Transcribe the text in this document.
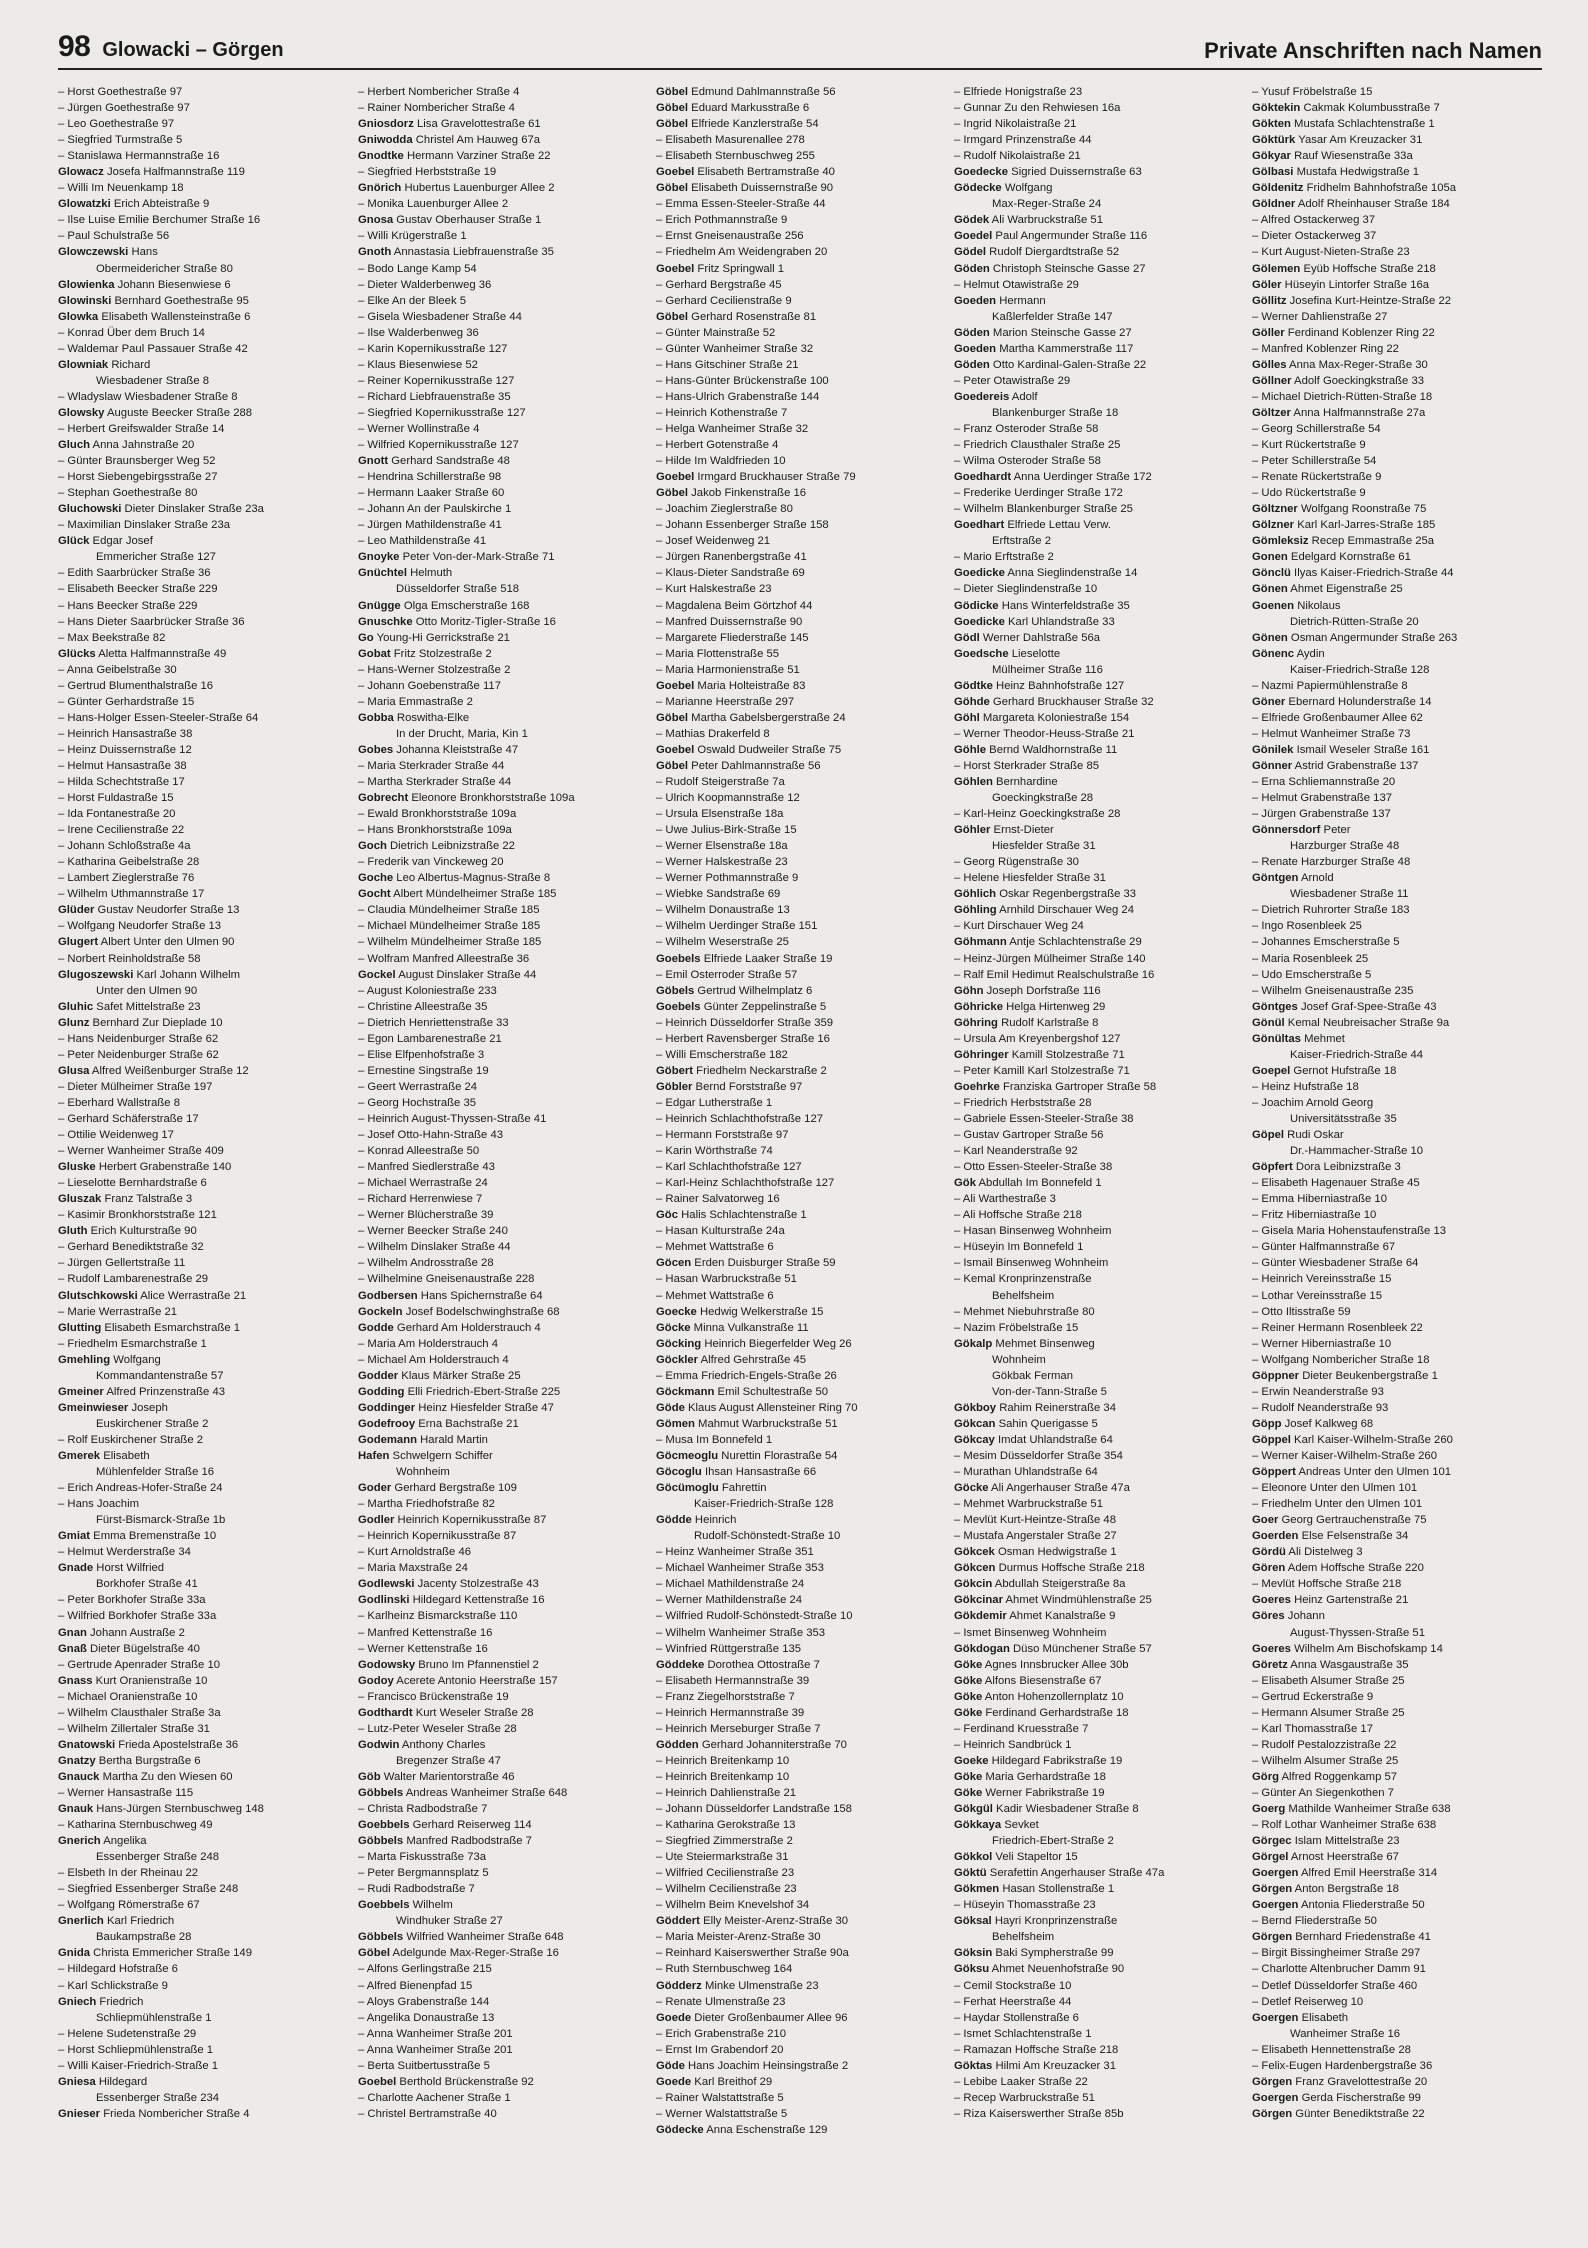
98 Glowacki – Görgen	Private Anschriften nach Namen
– Horst Goethestraße 97
– Jürgen Goethestraße 97
– Leo Goethestraße 97
– Siegfried Turmstraße 5
– Stanislawa Hermannstraße 16
Glowacz Josefa Halfmannstraße 119
– Willi Im Neuenkamp 18
Glowatzki Erich Abteistraße 9
– Ilse Luise Emilie Berchumer Straße 16
– Paul Schulstraße 56
Glowczewski Hans
Obermeidericher Straße 80
Glowienka Johann Biesenwiese 6
Glowinski Bernhard Goethestraße 95
Glowka Elisabeth Wallensteinstraße 6
– Konrad Über dem Bruch 14
– Waldemar Paul Passauer Straße 42
Glowniak Richard
Wiesbadener Straße 8
– Wladyslaw Wiesbadener Straße 8
Glowsky Auguste Beecker Straße 288
– Herbert Greifswalder Straße 14
Gluch Anna Jahnstraße 20
– Günter Braunsberger Weg 52
– Horst Siebengebirgsstraße 27
– Stephan Goethestraße 80
Gluchowski Dieter Dinslaker Straße 23a
– Maximilian Dinslaker Straße 23a
Glück Edgar Josef
Emmericher Straße 127
– Edith Saarbrücker Straße 36
– Elisabeth Beecker Straße 229
– Hans Beecker Straße 229
– Hans Dieter Saarbrücker Straße 36
– Max Beekstraße 82
Glücks Aletta Halfmannstraße 49
– Anna Geibelstraße 30
– Gertrud Blumenthalstraße 16
– Günter Gerhardstraße 15
– Hans-Holger Essen-Steeler-Straße 64
– Heinrich Hansastraße 38
– Heinz Duissernstraße 12
– Helmut Hansastraße 38
– Hilda Schechtstraße 17
– Horst Fuldastraße 15
– Ida Fontanestraße 20
– Irene Cecilienstraße 22
– Johann Schloßstraße 4a
– Katharina Geibelstraße 28
– Lambert Zieglerstraße 76
– Wilhelm Uthmannstraße 17
Glüder Gustav Neudorfer Straße 13
– Wolfgang Neudorfer Straße 13
Glugert Albert Unter den Ulmen 90
– Norbert Reinholdstraße 58
Glugoszewski Karl Johann Wilhelm
Unter den Ulmen 90
Gluhic Safet Mittelstraße 23
Glunz Bernhard Zur Dieplade 10
– Hans Neidenburger Straße 62
– Peter Neidenburger Straße 62
Glusa Alfred Weißenburger Straße 12
– Dieter Mülheimer Straße 197
– Eberhard Wallstraße 8
– Gerhard Schäferstraße 17
– Ottilie Weidenweg 17
– Werner Wanheimer Straße 409
Gluske Herbert Grabenstraße 140
– Lieselotte Bernhardstraße 6
Gluszak Franz Talstraße 3
– Kasimir Bronkhorststraße 121
Gluth Erich Kulturstraße 90
– Gerhard Benediktstraße 32
– Jürgen Gellertstraße 11
– Rudolf Lambarenestraße 29
Glutschkowski Alice Werrastraße 21
– Marie Werrastraße 21
Glutting Elisabeth Esmarchstraße 1
– Friedhelm Esmarchstraße 1
Gmehling Wolfgang
Kommandantenstraße 57
Gmeiner Alfred Prinzenstraße 43
Gmeinwieser Joseph
Euskirchener Straße 2
– Rolf Euskirchener Straße 2
Gmerek Elisabeth
Mühlenfelder Straße 16
– Erich Andreas-Hofer-Straße 24
– Hans Joachim
Fürst-Bismarck-Straße 1b
Gmiat Emma Bremenstraße 10
– Helmut Werderstraße 34
Gnade Horst Wilfried
Borkhofer Straße 41
– Peter Borkhofer Straße 33a
– Wilfried Borkhofer Straße 33a
Gnan Johann Austraße 2
Gnaß Dieter Bügelstraße 40
– Gertrude Apenrader Straße 10
Gnass Kurt Oranienstraße 10
– Michael Oranienstraße 10
– Wilhelm Clausthaler Straße 3a
– Wilhelm Zillertaler Straße 31
Gnatowski Frieda Apostelstraße 36
Gnatzy Bertha Burgstraße 6
Gnauck Martha Zu den Wiesen 60
– Werner Hansastraße 115
Gnauk Hans-Jürgen Sternbuschweg 148
– Katharina Sternbuschweg 49
Gnerich Angelika
Essenberger Straße 248
– Elsbeth In der Rheinau 22
– Siegfried Essenberger Straße 248
– Wolfgang Römerstraße 67
Gnerlich Karl Friedrich
Baukampstraße 28
Gnida Christa Emmericher Straße 149
– Hildegard Hofstraße 6
– Karl Schlickstraße 9
Gniech Friedrich
Schliepmühlenstraße 1
– Helene Sudetenstraße 29
– Horst Schliepmühlenstraße 1
– Willi Kaiser-Friedrich-Straße 1
Gniesa Hildegard
Essenberger Straße 234
Gnieser Frieda Nombericher Straße 4
– Herbert Nombericher Straße 4
– Rainer Nombericher Straße 4
Gniosdorz Lisa Gravelottestraße 61
Gniwodda Christel Am Hauweg 67a
Gnodtke Hermann Varziner Straße 22
– Siegfried Herbststraße 19
Gnörich Hubertus Lauenburger Allee 2
– Monika Lauenburger Allee 2
Gnosa Gustav Oberhauser Straße 1
– Willi Krügerstraße 1
Gnoth Annastasia Liebfrauenstraße 35
– Bodo Lange Kamp 54
– Dieter Walderbenweg 36
– Elke An der Bleek 5
– Gisela Wiesbadener Straße 44
– Ilse Walderbenweg 36
– Karin Kopernikusstraße 127
– Klaus Biesenwiese 52
– Reiner Kopernikusstraße 127
– Richard Liebfrauenstraße 35
– Siegfried Kopernikusstraße 127
– Werner Wollinstraße 4
– Wilfried Kopernikusstraße 127
Gnott Gerhard Sandstraße 48
– Hendrina Schillerstraße 98
– Hermann Laaker Straße 60
– Johann An der Paulskirche 1
– Jürgen Mathildenstraße 41
– Leo Mathildenstraße 41
Gnoyke Peter Von-der-Mark-Straße 71
Gnüchtel Helmuth
Düsseldorfer Straße 518
Gnügge Olga Emscherstraße 168
Gnuschke Otto Moritz-Tigler-Straße 16
Go Young-Hi Gerrickstraße 21
Gobat Fritz Stolzestraße 2
– Hans-Werner Stolzestraße 2
– Johann Goebenstraße 117
– Maria Emmastraße 2
Gobba Roswitha-Elke
In der Drucht, Maria, Kin 1
Gobes Johanna Kleiststraße 47
– Maria Sterkrader Straße 44
– Martha Sterkrader Straße 44
Gobrecht Eleonore Bronkhorststraße 109a
– Ewald Bronkhorststraße 109a
– Hans Bronkhorststraße 109a
Goch Dietrich Leibnizstraße 22
– Frederik van Vinckeweg 20
Goche Leo Albertus-Magnus-Straße 8
Gocht Albert Mündelheimer Straße 185
– Claudia Mündelheimer Straße 185
– Michael Mündelheimer Straße 185
– Wilhelm Mündelheimer Straße 185
– Wolfram Manfred Alleestraße 36
Gockel August Dinslaker Straße 44
– August Koloniestraße 233
– Christine Alleestraße 35
– Dietrich Henriettenstraße 33
– Egon Lambarenestraße 21
– Elise Elfpenhofstraße 3
– Ernestine Singstraße 19
– Geert Werrastraße 24
– Georg Hochstraße 35
– Heinrich August-Thyssen-Straße 41
– Josef Otto-Hahn-Straße 43
– Konrad Alleestraße 50
– Manfred Siedlerstraße 43
– Michael Werrastraße 24
– Richard Herrenwiese 7
– Werner Blücherstraße 39
– Werner Beecker Straße 240
– Wilhelm Dinslaker Straße 44
– Wilhelm Androsstraße 28
– Wilhelmine Gneisenaustraße 228
Godbersen Hans Spichernstraße 64
Gockeln Josef Bodelschwinghstraße 68
Godde Gerhard Am Holderstrauch 4
– Maria Am Holderstrauch 4
– Michael Am Holderstrauch 4
Godder Klaus Märker Straße 25
Godding Elli Friedrich-Ebert-Straße 225
Goddinger Heinz Hiesfelder Straße 47
Godefrooy Erna Bachstraße 21
Godemann Harald Martin
Hafen Schwelgern Schiffer
Wohnheim
Goder Gerhard Bergstraße 109
– Martha Friedhofstraße 82
Godler Heinrich Kopernikusstraße 87
– Heinrich Kopernikusstraße 87
– Kurt Arnoldstraße 46
– Maria Maxstraße 24
Godlewski Jacenty Stolzestraße 43
Godlinski Hildegard Kettenstraße 16
– Karlheinz Bismarckstraße 110
– Manfred Kettenstraße 16
– Werner Kettenstraße 16
Godowsky Bruno Im Pfannenstiel 2
Godoy Acerete Antonio Heerstraße 157
– Francisco Brückenstraße 19
Godthardt Kurt Weseler Straße 28
– Lutz-Peter Weseler Straße 28
Godwin Anthony Charles
Bregenzer Straße 47
Göb Walter Marientorstraße 46
Göbbels Andreas Wanheimer Straße 648
– Christa Radbodstraße 7
Goebbels Gerhard Reiserweg 114
Göbbels Manfred Radbodstraße 7
– Marta Fiskusstraße 73a
– Peter Bergmannsplatz 5
– Rudi Radbodstraße 7
Goebbels Wilhelm
Windhuker Straße 27
Göbbels Wilfried Wanheimer Straße 648
Göbel Adelgunde Max-Reger-Straße 16
– Alfons Gerlingstraße 215
– Alfred Bienenpfad 15
– Aloys Grabenstraße 144
– Angelika Donaustraße 13
– Anna Wanheimer Straße 201
– Anna Wanheimer Straße 201
– Berta Suitbertusstraße 5
Goebel Berthold Brückenstraße 92
– Charlotte Aachener Straße 1
– Christel Bertramstraße 40
Göbel Edmund Dahlmannstraße 56
Göbel Eduard Markusstraße 6
Göbel Elfriede Kanzlerstraße 54
– Elisabeth Masurenallee 278
– Elisabeth Sternbuschweg 255
Goebel Elisabeth Bertramstraße 40
Göbel Elisabeth Duissernstraße 90
– Emma Essen-Steeler-Straße 44
– Erich Pothmannstraße 9
– Ernst Gneisenaustraße 256
– Friedhelm Am Weidengraben 20
Goebel Fritz Springwall 1
– Gerhard Bergstraße 45
– Gerhard Cecilienstraße 9
Göbel Gerhard Rosenstraße 81
– Günter Mainstraße 52
– Günter Wanheimer Straße 32
– Hans Gitschiner Straße 21
– Hans-Günter Brückenstraße 100
– Hans-Ulrich Grabenstraße 144
– Heinrich Kothenstraße 7
– Helga Wanheimer Straße 32
– Herbert Gotenstraße 4
– Hilde Im Waldfrieden 10
Goebel Irmgard Bruckhauser Straße 79
Göbel Jakob Finkenstraße 16
– Joachim Zieglerstraße 80
– Johann Essenberger Straße 158
– Josef Weidenweg 21
– Jürgen Ranenbergstraße 41
– Klaus-Dieter Sandstraße 69
– Kurt Halskestraße 23
– Magdalena Beim Görtzhof 44
– Manfred Duissernstraße 90
– Margarete Fliederstraße 145
– Maria Flottenstraße 55
– Maria Harmonienstraße 51
Goebel Maria Holteistraße 83
– Marianne Heerstraße 297
Göbel Martha Gabelsbergerstraße 24
– Mathias Drakerfeld 8
Goebel Oswald Dudweiler Straße 75
Göbel Peter Dahlmannstraße 56
– Rudolf Steigerstraße 7a
– Ulrich Koopmannstraße 12
– Ursula Elsenstraße 18a
– Uwe Julius-Birk-Straße 15
– Werner Elsenstraße 18a
– Werner Halskestraße 23
– Werner Pothmannstraße 9
– Wiebke Sandstraße 69
– Wilhelm Donaustraße 13
– Wilhelm Uerdinger Straße 151
– Wilhelm Weserstraße 25
Goebels Elfriede Laaker Straße 19
– Emil Osterroder Straße 57
Göbels Gertrud Wilhelmplatz 6
Goebels Günter Zeppelinstraße 5
– Heinrich Düsseldorfer Straße 359
– Herbert Ravensberger Straße 16
– Willi Emscherstraße 182
Göbert Friedhelm Neckarstraße 2
Göbler Bernd Forststraße 97
– Edgar Lutherstraße 1
– Heinrich Schlachthofstraße 127
– Hermann Forststraße 97
– Karin Wörthstraße 74
– Karl Schlachthofstraße 127
– Karl-Heinz Schlachthofstraße 127
– Rainer Salvatorweg 16
Göc Halis Schlachtenstraße 1
– Hasan Kulturstraße 24a
– Mehmet Wattstraße 6
Göcen Erden Duisburger Straße 59
– Hasan Warbruckstraße 51
– Mehmet Wattstraße 6
Goecke Hedwig Welkerstraße 15
Göcke Minna Vulkanstraße 11
Göcking Heinrich Biegerfelder Weg 26
Göckler Alfred Gehrstraße 45
– Emma Friedrich-Engels-Straße 26
Göckmann Emil Schultestraße 50
Göde Klaus August Allensteiner Ring 70
Gömen Mahmut Warbruckstraße 51
– Musa Im Bonnefeld 1
Göcmeoglu Nurettin Florastraße 54
Göcoglu Ihsan Hansastraße 66
Göcümoglu Fahrettin
Kaiser-Friedrich-Straße 128
Gödde Heinrich
Rudolf-Schönstedt-Straße 10
– Heinz Wanheimer Straße 351
– Michael Wanheimer Straße 353
– Michael Mathildenstraße 24
– Werner Mathildenstraße 24
– Wilfried Rudolf-Schönstedt-Straße 10
– Wilhelm Wanheimer Straße 353
– Winfried Rüttgerstraße 135
Göddeke Dorothea Ottostraße 7
– Elisabeth Hermannstraße 39
– Franz Ziegelhorststraße 7
– Heinrich Hermannstraße 39
– Heinrich Merseburger Straße 7
Gödden Gerhard Johanniterstraße 70
– Heinrich Breitenkamp 10
– Heinrich Breitenkamp 10
– Heinrich Dahlienstraße 21
– Johann Düsseldorfer Landstraße 158
– Katharina Gerokstraße 13
– Siegfried Zimmerstraße 2
– Ute Steiermarkstraße 31
– Wilfried Cecilienstraße 23
– Wilhelm Cecilienstraße 23
– Wilhelm Beim Knevelshof 34
Göddert Elly Meister-Arenz-Straße 30
– Maria Meister-Arenz-Straße 30
– Reinhard Kaiserswerther Straße 90a
– Ruth Sternbuschweg 164
Gödderz Minke Ulmenstraße 23
– Renate Ulmenstraße 23
Goede Dieter Großenbaumer Allee 96
– Erich Grabenstraße 210
– Ernst Im Grabendorf 20
Göde Hans Joachim Heinsingstraße 2
Goede Karl Breithof 29
– Rainer Walstattstraße 5
– Werner Walstattstraße 5
Gödecke Anna Eschenstraße 129
– Elfriede Honigstraße 23
– Gunnar Zu den Rehwiesen 16a
– Ingrid Nikolaistraße 21
– Irmgard Prinzenstraße 44
– Rudolf Nikolaistraße 21
Goedecke Sigried Duissernstraße 63
Gödecke Wolfgang
Max-Reger-Straße 24
Gödek Ali Warbruckstraße 51
Goedel Paul Angermunder Straße 116
Gödel Rudolf Diergardtstraße 52
Göden Christoph Steinsche Gasse 27
– Helmut Otawistraße 29
Goeden Hermann
Kaßlerfelder Straße 147
Göden Marion Steinsche Gasse 27
Goeden Martha Kammerstraße 117
Göden Otto Kardinal-Galen-Straße 22
– Peter Otawistraße 29
Goedereis Adolf
Blankenburger Straße 18
– Franz Osteroder Straße 58
– Friedrich Clausthaler Straße 25
– Wilma Osteroder Straße 58
Goedhardt Anna Uerdinger Straße 172
– Frederike Uerdinger Straße 172
– Wilhelm Blankenburger Straße 25
Goedhart Elfriede Lettau Verw.
Erftstraße 2
– Mario Erftstraße 2
Goedicke Anna Sieglindenstraße 14
– Dieter Sieglindenstraße 10
Gödicke Hans Winterfeldstraße 35
Goedicke Karl Uhlandstraße 33
Gödl Werner Dahlstraße 56a
Goedsche Lieselotte
Mülheimer Straße 116
Gödtke Heinz Bahnhofstraße 127
Göhde Gerhard Bruckhauser Straße 32
Göhl Margareta Koloniestraße 154
– Werner Theodor-Heuss-Straße 21
Göhle Bernd Waldhornstraße 11
– Horst Sterkrader Straße 85
Göhlen Bernhardine
Goeckingkstraße 28
– Karl-Heinz Goeckingkstraße 28
Göhler Ernst-Dieter
Hiesfelder Straße 31
– Georg Rügenstraße 30
– Helene Hiesfelder Straße 31
Göhlich Oskar Regenbergstraße 33
Göhling Arnhild Dirschauer Weg 24
– Kurt Dirschauer Weg 24
Göhmann Antje Schlachtenstraße 29
– Heinz-Jürgen Mülheimer Straße 140
– Ralf Emil Hedimut Realschulstraße 16
Göhn Joseph Dorfstraße 116
Göhricke Helga Hirtenweg 29
Göhring Rudolf Karlstraße 8
– Ursula Am Kreyenbergshof 127
Göhringer Kamill Stolzestraße 71
– Peter Kamill Karl Stolzestraße 71
Goehrke Franziska Gartroper Straße 58
– Friedrich Herbststraße 28
– Gabriele Essen-Steeler-Straße 38
– Gustav Gartroper Straße 56
– Karl Neanderstraße 92
– Otto Essen-Steeler-Straße 38
Gök Abdullah Im Bonnefeld 1
– Ali Warthestraße 3
– Ali Hoffsche Straße 218
– Hasan Binsenweg Wohnheim
– Hüseyin Im Bonnefeld 1
– Ismail Binsenweg Wohnheim
– Kemal Kronprinzenstraße
Behelfsheim
– Mehmet Niebuhrstraße 80
– Nazim Fröbelstraße 15
Gökalp Mehmet Binsenweg
Wohnheim
Gökbak Ferman
Von-der-Tann-Straße 5
Gökboy Rahim Reinerstraße 34
Gökcan Sahin Querigasse 5
Gökcay Imdat Uhlandstraße 64
– Mesim Düsseldorfer Straße 354
– Murathan Uhlandstraße 64
Göcke Ali Angerhauser Straße 47a
– Mehmet Warbruckstraße 51
– Mevlüt Kurt-Heintze-Straße 48
– Mustafa Angerstaler Straße 27
Gökcek Osman Hedwigstraße 1
Gökcen Durmus Hoffsche Straße 218
Gökcin Abdullah Steigerstraße 8a
Gökcinar Ahmet Windmühlenstraße 25
Gökdemir Ahmet Kanalstraße 9
– Ismet Binsenweg Wohnheim
Gökdogan Düso Münchener Straße 57
Göke Agnes Innsbrucker Allee 30b
Göke Alfons Biesenstraße 67
Göke Anton Hohenzollernplatz 10
Göke Ferdinand Gerhardstraße 18
– Ferdinand Kruesstraße 7
– Heinrich Sandbrück 1
Goeke Hildegard Fabrikstraße 19
Göke Maria Gerhardstraße 18
Göke Werner Fabrikstraße 19
Gökgül Kadir Wiesbadener Straße 8
Gökkaya Sevket
Friedrich-Ebert-Straße 2
Gökkol Veli Stapeltor 15
Göktü Serafettin Angerhauser Straße 47a
Gökmen Hasan Stollenstraße 1
– Hüseyin Thomasstraße 23
Göksal Hayri Kronprinzenstraße
Behelfsheim
Göksin Baki Sympherstraße 99
Göksu Ahmet Neuenhofstraße 90
– Cemil Stockstraße 10
– Ferhat Heerstraße 44
– Haydar Stollenstraße 6
– Ismet Schlachtenstraße 1
– Ramazan Hoffsche Straße 218
Göktas Hilmi Am Kreuzacker 31
– Lebibe Laaker Straße 22
– Recep Warbruckstraße 51
– Riza Kaiserswerther Straße 85b
– Yusuf Fröbelstraße 15
Göktekin Cakmak Kolumbusstraße 7
Gökten Mustafa Schlachtenstraße 1
Göktürk Yasar Am Kreuzacker 31
Gökyar Rauf Wiesenstraße 33a
Gölbasi Mustafa Hedwigstraße 1
Göldenitz Fridhelm Bahnhofstraße 105a
Göldner Adolf Rheinhauser Straße 184
– Alfred Ostackerweg 37
– Dieter Ostackerweg 37
– Kurt August-Nieten-Straße 23
Gölemen Eyüb Hoffsche Straße 218
Göler Hüseyin Lintorfer Straße 16a
Göllitz Josefina Kurt-Heintze-Straße 22
– Werner Dahlienstraße 27
Göller Ferdinand Koblenzer Ring 22
– Manfred Koblenzer Ring 22
Gölles Anna Max-Reger-Straße 30
Göllner Adolf Goeckingkstraße 33
– Michael Dietrich-Rütten-Straße 18
Göltzer Anna Halfmannstraße 27a
– Georg Schillerstraße 54
– Kurt Rückertstraße 9
– Peter Schillerstraße 54
– Renate Rückertstraße 9
– Udo Rückertstraße 9
Göltzner Wolfgang Roonstraße 75
Gölzner Karl Karl-Jarres-Straße 185
Gömleksiz Recep Emmastraße 25a
Gonen Edelgard Kornstraße 61
Gönclü Ilyas Kaiser-Friedrich-Straße 44
Gönen Ahmet Eigenstraße 25
Goenen Nikolaus
Dietrich-Rütten-Straße 20
Gönen Osman Angermunder Straße 263
Gönenc Aydin
Kaiser-Friedrich-Straße 128
– Nazmi Papiermühlenstraße 8
Göner Ebernard Holunderstraße 14
– Elfriede Großenbaumer Allee 62
– Helmut Wanheimer Straße 73
Gönilek Ismail Weseler Straße 161
Gönner Astrid Grabenstraße 137
– Erna Schliemannstraße 20
– Helmut Grabenstraße 137
– Jürgen Grabenstraße 137
Gönnersdorf Peter
Harzburger Straße 48
– Renate Harzburger Straße 48
Göntgen Arnold
Wiesbadener Straße 11
– Dietrich Ruhrorter Straße 183
– Ingo Rosenbleek 25
– Johannes Emscherstraße 5
– Maria Rosenbleek 25
– Udo Emscherstraße 5
– Wilhelm Gneisenaustraße 235
Göntges Josef Graf-Spee-Straße 43
Gönül Kemal Neubreisacher Straße 9a
Gönültas Mehmet
Kaiser-Friedrich-Straße 44
Goepel Gernot Hufstraße 18
– Heinz Hufstraße 18
– Joachim Arnold Georg
Universitätsstraße 35
Göpel Rudi Oskar
Dr.-Hammacher-Straße 10
Göpfert Dora Leibnizstraße 3
– Elisabeth Hagenauer Straße 45
– Emma Hiberniastraße 10
– Fritz Hiberniastraße 10
– Gisela Maria Hohenstaufenstraße 13
– Günter Halfmannstraße 67
– Günter Wiesbadener Straße 64
– Heinrich Vereinsstraße 15
– Lothar Vereinsstraße 15
– Otto Iltisstraße 59
– Reiner Hermann Rosenbleek 22
– Werner Hiberniastraße 10
– Wolfgang Nombericher Straße 18
Göppner Dieter Beukenbergstraße 1
– Erwin Neanderstraße 93
– Rudolf Neanderstraße 93
Göpp Josef Kalkweg 68
Göppel Karl Kaiser-Wilhelm-Straße 260
– Werner Kaiser-Wilhelm-Straße 260
Göppert Andreas Unter den Ulmen 101
– Eleonore Unter den Ulmen 101
– Friedhelm Unter den Ulmen 101
Goer Georg Gertrauchenstraße 75
Goerden Else Felsenstraße 34
Gördü Ali Distelweg 3
Gören Adem Hoffsche Straße 220
– Mevlüt Hoffsche Straße 218
Goeres Heinz Gartenstraße 21
Göres Johann
August-Thyssen-Straße 51
Goeres Wilhelm Am Bischofskamp 14
Göretz Anna Wasgaustraße 35
– Elisabeth Alsumer Straße 25
– Gertrud Eckerstraße 9
– Hermann Alsumer Straße 25
– Karl Thomasstraße 17
– Rudolf Pestalozzistraße 22
– Wilhelm Alsumer Straße 25
Görg Alfred Roggenkamp 57
– Günter An Siegenkothen 7
Goerg Mathilde Wanheimer Straße 638
– Rolf Lothar Wanheimer Straße 638
Görgec Islam Mittelstraße 23
Görgel Arnost Heerstraße 67
Goergen Alfred Emil Heerstraße 314
Görgen Anton Bergstraße 18
Goergen Antonia Fliederstraße 50
– Bernd Fliederstraße 50
Görgen Bernhard Friedenstraße 41
– Birgit Bissingheimer Straße 297
– Charlotte Altenbrucher Damm 91
– Detlef Düsseldorfer Straße 460
– Detlef Reiserweg 10
Goergen Elisabeth
Wanheimer Straße 16
– Elisabeth Hennettenstraße 28
– Felix-Eugen Hardenbergstraße 36
Görgen Franz Gravelottestraße 20
Goergen Gerda Fischerstraße 99
Görgen Günter Benediktstraße 22
